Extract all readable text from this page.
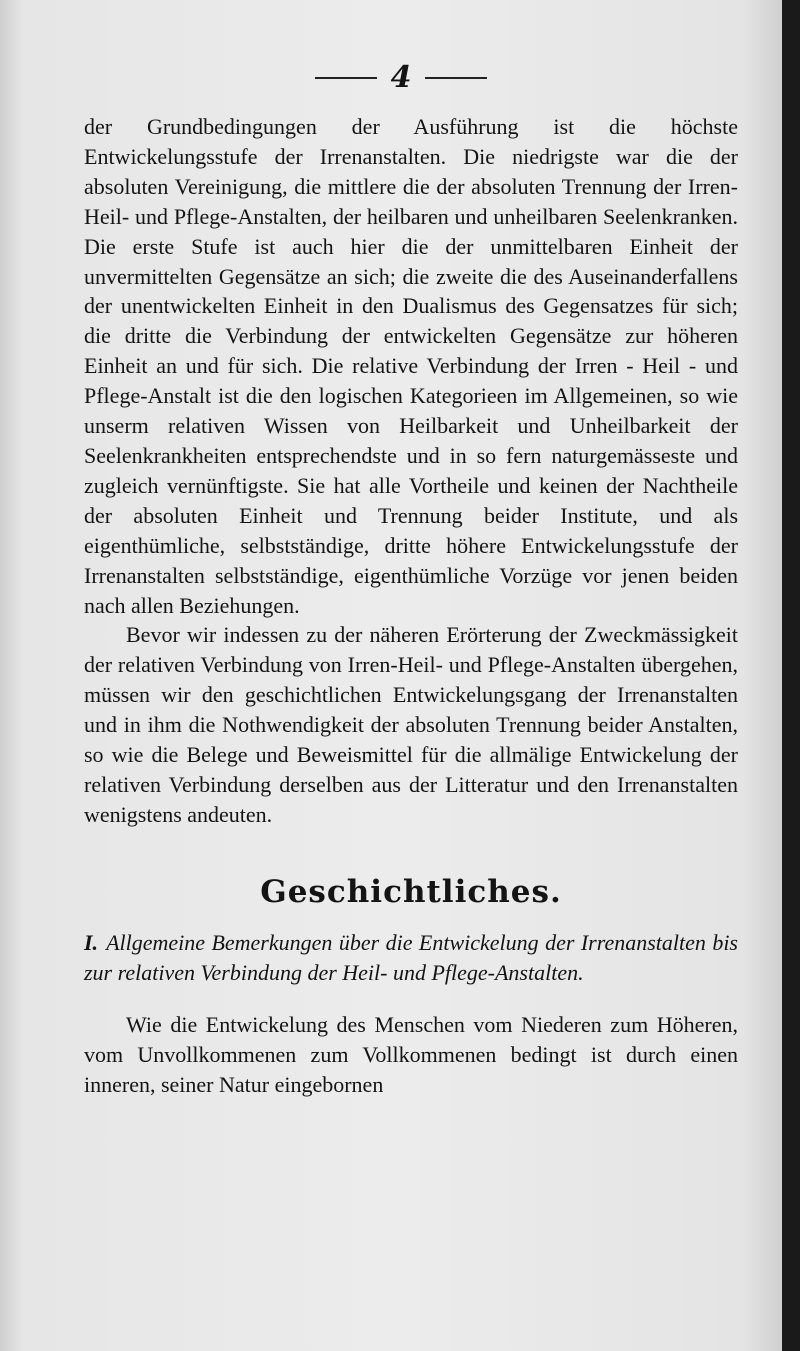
4

der Grundbedingungen der Ausführung ist die höchste Entwickelungsstufe der Irrenanstalten. Die niedrigste war die der absoluten Vereinigung, die mittlere die der absoluten Trennung der Irren-Heil- und Pflege-Anstalten, der heilbaren und unheilbaren Seelenkranken. Die erste Stufe ist auch hier die der unmittelbaren Einheit der unvermittelten Gegensätze an sich; die zweite die des Auseinanderfallens der unentwickelten Einheit in den Dualismus des Gegensatzes für sich; die dritte die Verbindung der entwickelten Gegensätze zur höheren Einheit an und für sich. Die relative Verbindung der Irren - Heil - und Pflege-Anstalt ist die den logischen Kategorieen im Allgemeinen, so wie unserm relativen Wissen von Heilbarkeit und Unheilbarkeit der Seelenkrankheiten entsprechendste und in so fern naturgemässeste und zugleich vernünftigste. Sie hat alle Vortheile und keinen der Nachtheile der absoluten Einheit und Trennung beider Institute, und als eigenthümliche, selbstständige, dritte höhere Entwickelungsstufe der Irrenanstalten selbstständige, eigenthümliche Vorzüge vor jenen beiden nach allen Beziehungen.

Bevor wir indessen zu der näheren Erörterung der Zweckmässigkeit der relativen Verbindung von Irren-Heil- und Pflege-Anstalten übergehen, müssen wir den geschichtlichen Entwickelungsgang der Irrenanstalten und in ihm die Nothwendigkeit der absoluten Trennung beider Anstalten, so wie die Belege und Beweismittel für die allmälige Entwickelung der relativen Verbindung derselben aus der Litteratur und den Irrenanstalten wenigstens andeuten.

Geschichtliches.
I. Allgemeine Bemerkungen über die Entwickelung der Irrenanstalten bis zur relativen Verbindung der Heil- und Pflege-Anstalten.

Wie die Entwickelung des Menschen vom Niederen zum Höheren, vom Unvollkommenen zum Vollkommenen bedingt ist durch einen inneren, seiner Natur eingebornen
